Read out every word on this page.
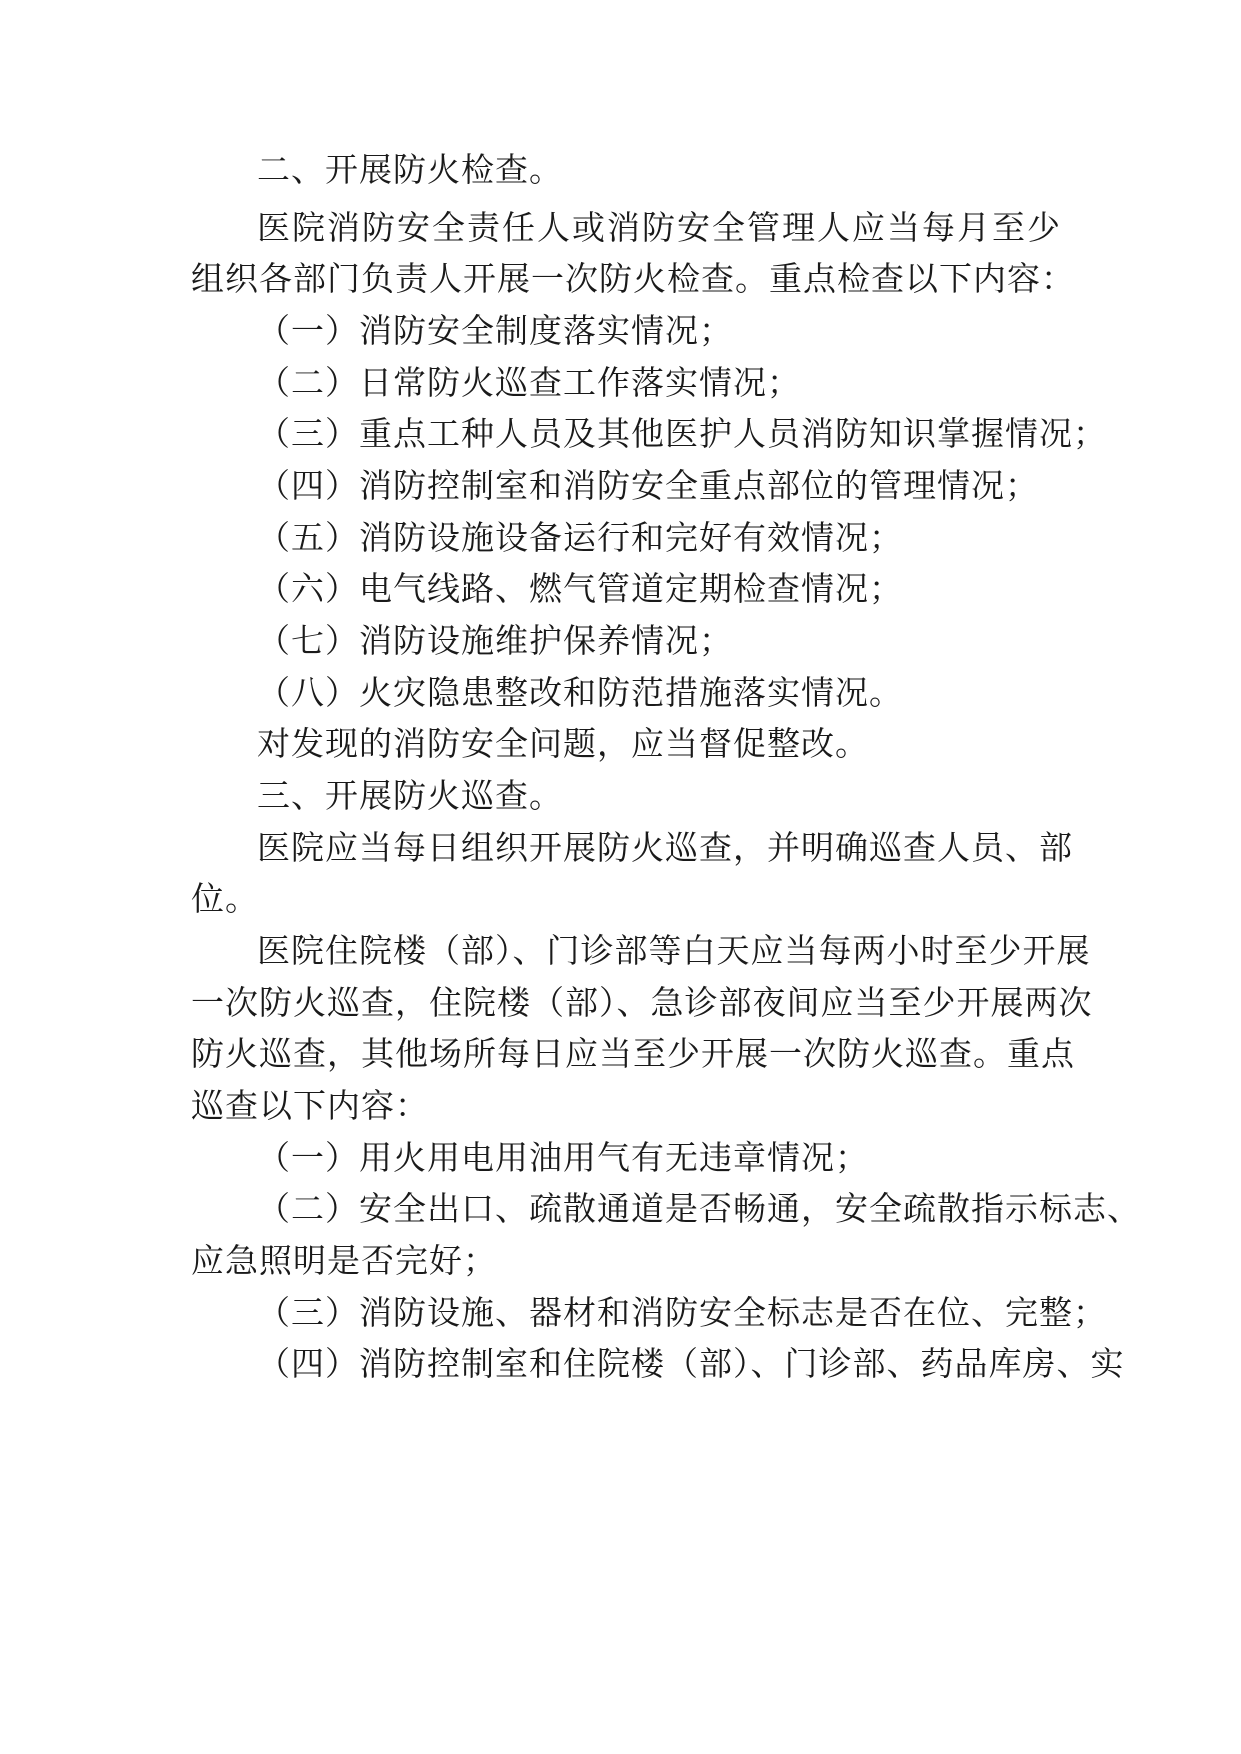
二、开展防火检查。
医院消防安全责任人或消防安全管理人应当每月至少
组织各部门负责人开展一次防火检查。重点检查以下内容：
（一）消防安全制度落实情况；
（二）日常防火巡查工作落实情况；
（三）重点工种人员及其他医护人员消防知识掌握情况；
（四）消防控制室和消防安全重点部位的管理情况；
（五）消防设施设备运行和完好有效情况；
（六）电气线路、燃气管道定期检查情况；
（七）消防设施维护保养情况；
（八）火灾隐患整改和防范措施落实情况。
对发现的消防安全问题，应当督促整改。
三、开展防火巡查。
医院应当每日组织开展防火巡查，并明确巡查人员、部
位。
医院住院楼（部）、门诊部等白天应当每两小时至少开展
一次防火巡查，住院楼（部）、急诊部夜间应当至少开展两次
防火巡查，其他场所每日应当至少开展一次防火巡查。重点
巡查以下内容：
（一）用火用电用油用气有无违章情况；
（二）安全出口、疏散通道是否畅通，安全疏散指示标志、
应急照明是否完好；
（三）消防设施、器材和消防安全标志是否在位、完整；
（四）消防控制室和住院楼（部）、门诊部、药品库房、实
